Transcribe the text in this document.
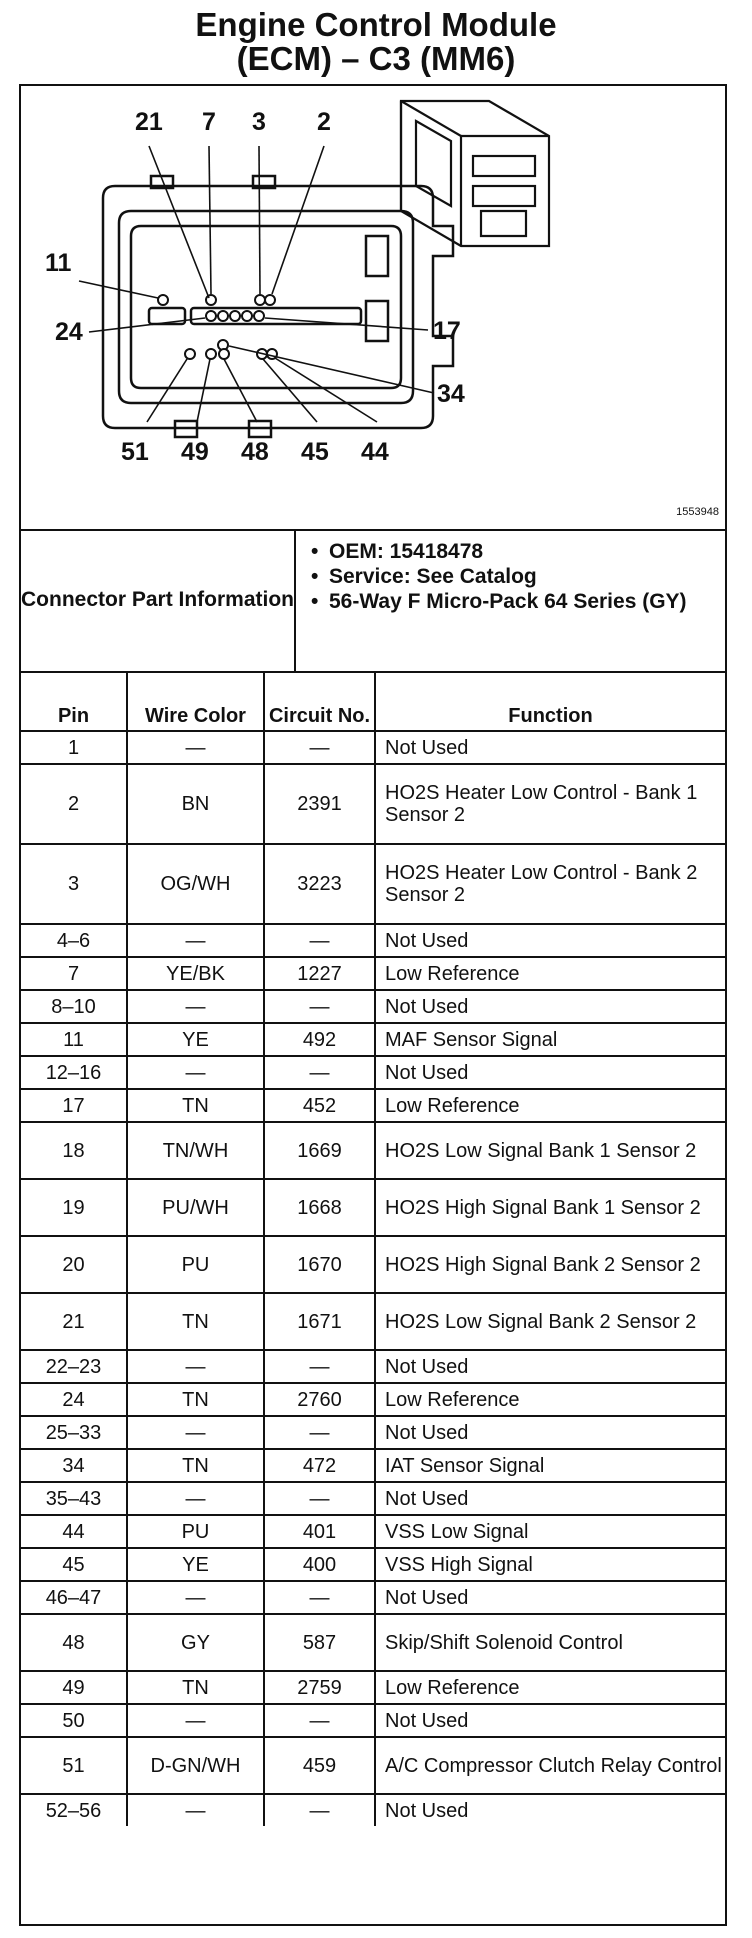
Engine Control Module
(ECM) – C3 (MM6)
21 7 3 2
11
24	17
34
51 49 48 45 44
1553948
Connector Part Information
• OEM: 15418478
• Service: See Catalog
• 56-Way F Micro-Pack 64 Series (GY)
Pin	Wire Color	Circuit No.	Function
1	—	—	Not Used
2	BN	2391	HO2S Heater Low Control - Bank 1 Sensor 2
3	OG/WH	3223	HO2S Heater Low Control - Bank 2 Sensor 2
4–6	—	—	Not Used
7	YE/BK	1227	Low Reference
8–10	—	—	Not Used
11	YE	492	MAF Sensor Signal
12–16	—	—	Not Used
17	TN	452	Low Reference
18	TN/WH	1669	HO2S Low Signal Bank 1 Sensor 2
19	PU/WH	1668	HO2S High Signal Bank 1 Sensor 2
20	PU	1670	HO2S High Signal Bank 2 Sensor 2
21	TN	1671	HO2S Low Signal Bank 2 Sensor 2
22–23	—	—	Not Used
24	TN	2760	Low Reference
25–33	—	—	Not Used
34	TN	472	IAT Sensor Signal
35–43	—	—	Not Used
44	PU	401	VSS Low Signal
45	YE	400	VSS High Signal
46–47	—	—	Not Used
48	GY	587	Skip/Shift Solenoid Control
49	TN	2759	Low Reference
50	—	—	Not Used
51	D-GN/WH	459	A/C Compressor Clutch Relay Control
52–56	—	—	Not Used
